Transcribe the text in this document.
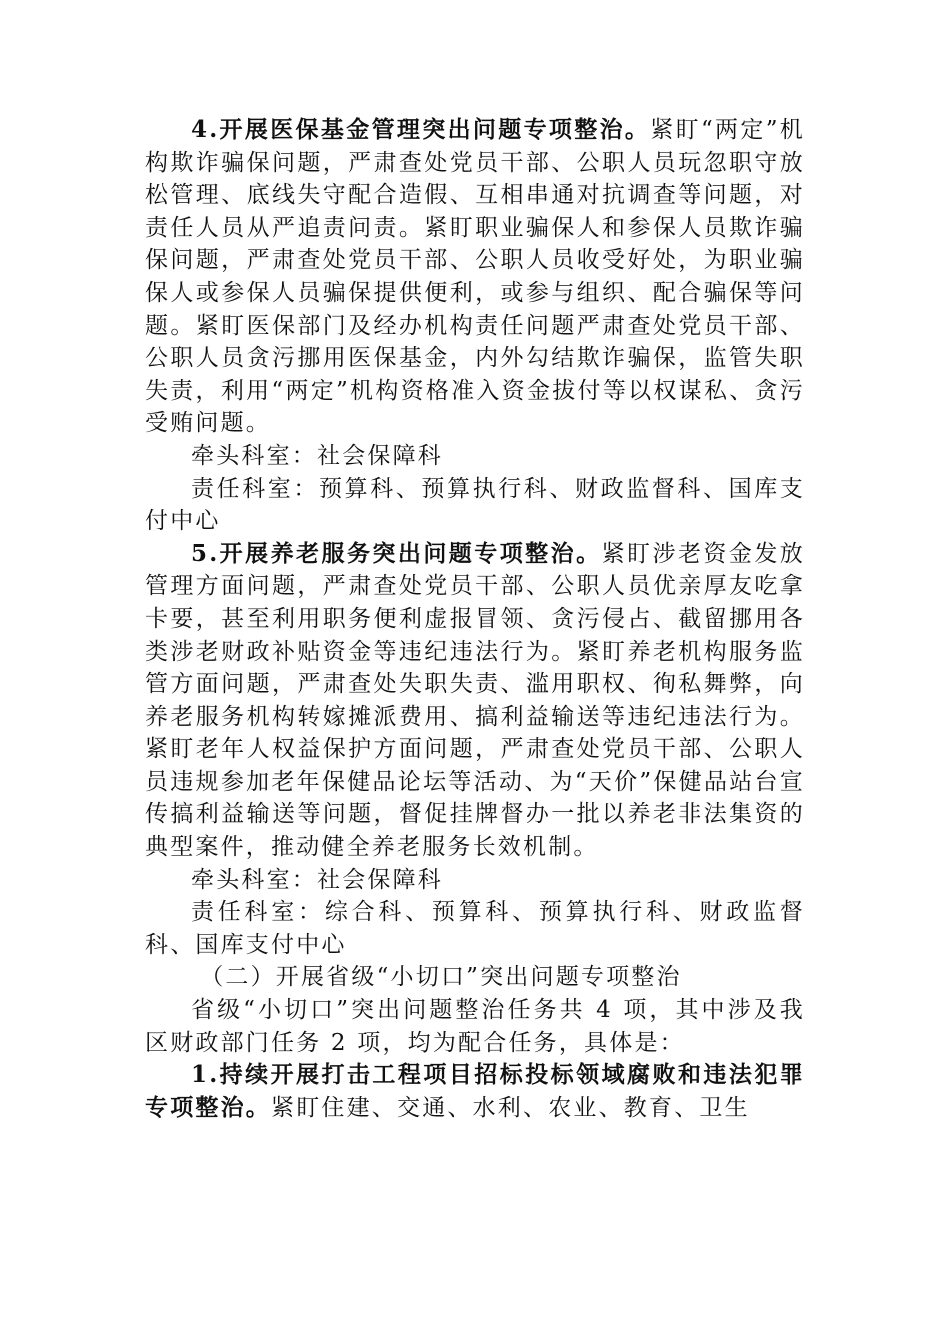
4.开展医保基金管理突出问题专项整治。紧盯“两定”机构欺诈骗保问题，严肃查处党员干部、公职人员玩忽职守放松管理、底线失守配合造假、互相串通对抗调查等问题，对责任人员从严追责问责。紧盯职业骗保人和参保人员欺诈骗保问题，严肃查处党员干部、公职人员收受好处，为职业骗保人或参保人员骗保提供便利，或参与组织、配合骗保等问题。紧盯医保部门及经办机构责任问题严肃查处党员干部、公职人员贪污挪用医保基金，内外勾结欺诈骗保，监管失职失责，利用“两定”机构资格准入资金拔付等以权谋私、贪污受贿问题。

牵头科室：社会保障科

责任科室：预算科、预算执行科、财政监督科、国库支付中心

5.开展养老服务突出问题专项整治。紧盯涉老资金发放管理方面问题，严肃查处党员干部、公职人员优亲厚友吃拿卡要，甚至利用职务便利虚报冒领、贪污侵占、截留挪用各类涉老财政补贴资金等违纪违法行为。紧盯养老机构服务监管方面问题，严肃查处失职失责、滥用职权、徇私舞弊，向养老服务机构转嫁摊派费用、搞利益输送等违纪违法行为。紧盯老年人权益保护方面问题，严肃查处党员干部、公职人员违规参加老年保健品论坛等活动、为“天价”保健品站台宣传搞利益输送等问题，督促挂牌督办一批以养老非法集资的典型案件，推动健全养老服务长效机制。

牵头科室：社会保障科

责任科室：综合科、预算科、预算执行科、财政监督科、国库支付中心

（二）开展省级“小切口”突出问题专项整治

省级“小切口”突出问题整治任务共 4 项，其中涉及我区财政部门任务 2 项，均为配合任务，具体是：

1.持续开展打击工程项目招标投标领域腐败和违法犯罪专项整治。紧盯住建、交通、水利、农业、教育、卫生
